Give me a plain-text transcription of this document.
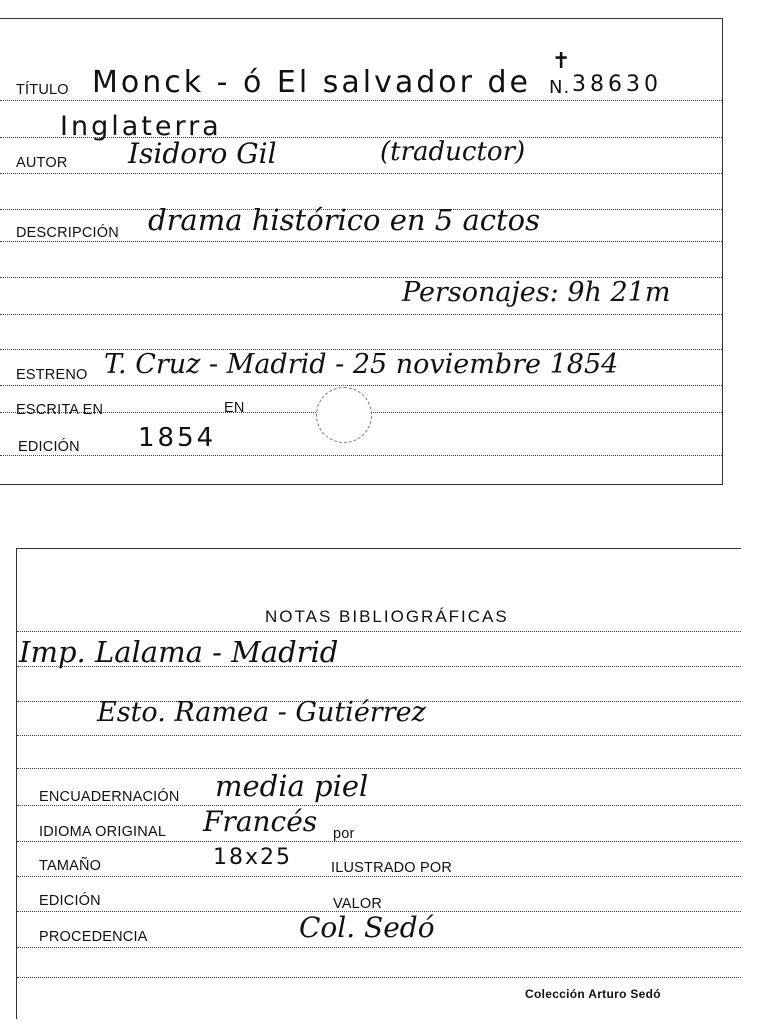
TÍTULO Monck - ó El salvador de
✝
N. 38630
Inglaterra
AUTOR Isidoro Gil	(traductor)
DESCRIPCIÓN drama histórico en 5 actos
Personajes: 9h 21m
ESTRENO T. Cruz - Madrid - 25 noviembre 1854
ESCRITA EN	EN
EDICIÓN 1854
NOTAS BIBLIOGRÁFICAS
Imp. Lalama - Madrid
Esto. Ramea - Gutiérrez
ENCUADERNACIÓN media piel
IDIOMA ORIGINAL Francés por
TAMAÑO	18x25	ILUSTRADO POR
EDICIÓN	VALOR
PROCEDENCIA	Col. Sedó
Colección Arturo Sedó
